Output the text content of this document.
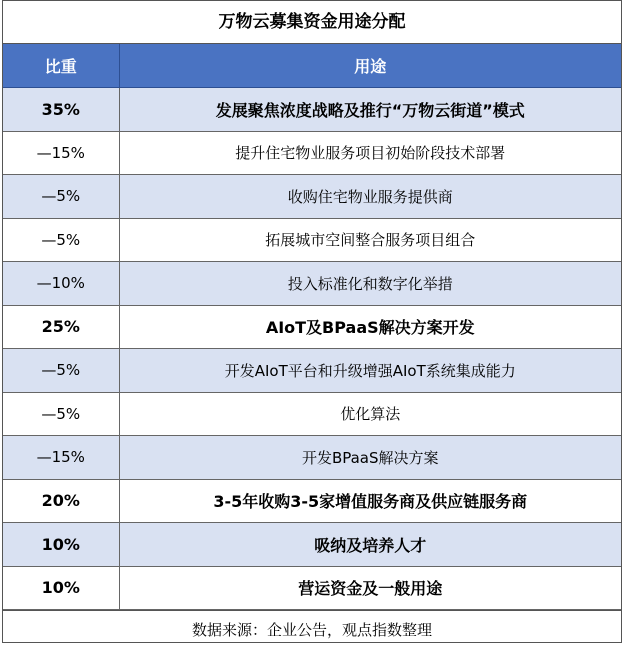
万物云募集资金用途分配
比重	用途
35%	发展聚焦浓度战略及推行“万物云街道”模式
—15%	提升住宅物业服务项目初始阶段技术部署
—5%	收购住宅物业服务提供商
—5%	拓展城市空间整合服务项目组合
—10%	投入标准化和数字化举措
25%	AIoT及BPaaS解决方案开发
—5%	开发AIoT平台和升级增强AIoT系统集成能力
—5%	优化算法
—15%	开发BPaaS解决方案
20%	3-5年收购3-5家增值服务商及供应链服务商
10%	吸纳及培养人才
10%	营运资金及一般用途
数据来源：企业公告，观点指数整理
